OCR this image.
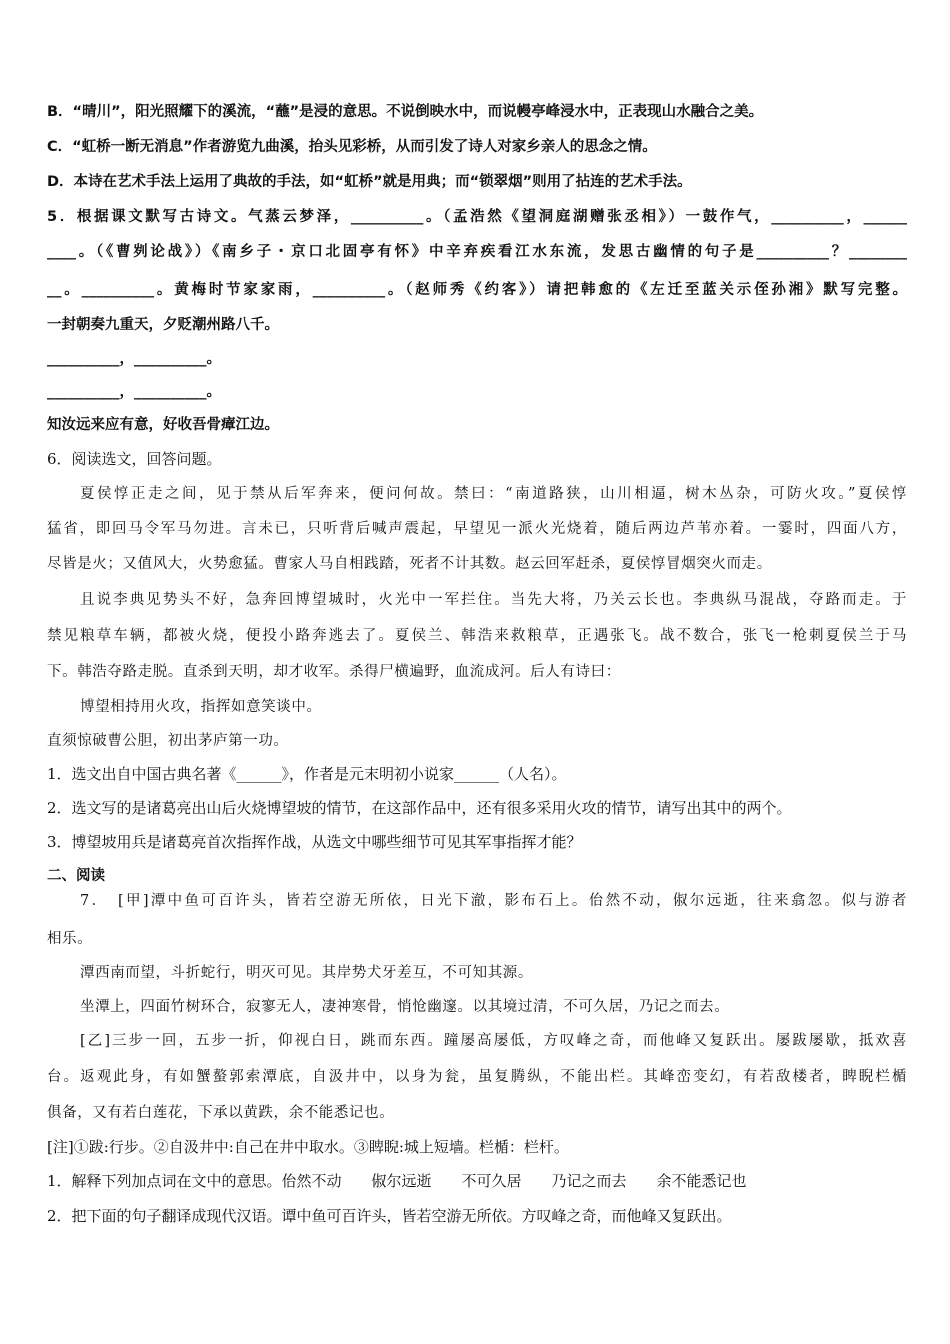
B．“晴川”，阳光照耀下的溪流，“蘸”是浸的意思。不说倒映水中，而说幔亭峰浸水中，正表现山水融合之美。
C．“虹桥一断无消息”作者游览九曲溪，抬头见彩桥，从而引发了诗人对家乡亲人的思念之情。
D．本诗在艺术手法上运用了典故的手法，如“虹桥”就是用典；而“锁翠烟”则用了拈连的艺术手法。
5．根据课文默写古诗文。气蒸云梦泽，__________。（孟浩然《望洞庭湖赠张丞相》）一鼓作气，__________，______
____。（《曹刿论战》）《南乡子・京口北固亭有怀》中辛弃疾看江水东流，发思古幽情的句子是__________？________
__。__________。黄梅时节家家雨，__________。（赵师秀《约客》）请把韩愈的《左迁至蓝关示侄孙湘》默写完整。
一封朝奏九重天，夕贬潮州路八千。
__________，__________。
__________，__________。
知汝远来应有意，好收吾骨瘴江边。
6．阅读选文，回答问题。
夏侯惇正走之间，见于禁从后军奔来，便问何故。禁曰：“南道路狭，山川相逼，树木丛杂，可防火攻。”夏侯惇
猛省，即回马令军马勿进。言未已，只听背后喊声震起，早望见一派火光烧着，随后两边芦苇亦着。一霎时，四面八方，
尽皆是火；又值风大，火势愈猛。曹家人马自相践踏，死者不计其数。赵云回军赶杀，夏侯惇冒烟突火而走。
且说李典见势头不好，急奔回博望城时，火光中一军拦住。当先大将，乃关云长也。李典纵马混战，夺路而走。于
禁见粮草车辆，都被火烧，便投小路奔逃去了。夏侯兰、韩浩来救粮草，正遇张飞。战不数合，张飞一枪刺夏侯兰于马
下。韩浩夺路走脱。直杀到天明，却才收军。杀得尸横遍野，血流成河。后人有诗曰：
博望相持用火攻，指挥如意笑谈中。
直须惊破曹公胆，初出茅庐第一功。
1．选文出自中国古典名著《______》，作者是元末明初小说家______（人名）。
2．选文写的是诸葛亮出山后火烧博望坡的情节，在这部作品中，还有很多采用火攻的情节，请写出其中的两个。
3．博望坡用兵是诸葛亮首次指挥作战，从选文中哪些细节可见其军事指挥才能？
二、阅读
7．　[甲]潭中鱼可百许头，皆若空游无所依，日光下澈，影布石上。佁然不动，俶尔远逝，往来翕忽。似与游者
相乐。
潭西南而望，斗折蛇行，明灭可见。其岸势犬牙差互，不可知其源。
坐潭上，四面竹树环合，寂寥无人，凄神寒骨，悄怆幽邃。以其境过清，不可久居，乃记之而去。
[乙]三步一回，五步一折，仰视白日，跳而东西。蹱屡高屡低，方叹峰之奇，而他峰又复跃出。屡跋屡歇，抵欢喜
台。返观此身，有如蟹螯郭索潭底，自汲井中，以身为瓮，虽复腾纵，不能出栏。其峰峦变幻，有若敌楼者，睥睨栏楯
俱备，又有若白莲花，下承以黄跌，余不能悉记也。
[注]①跋:行步。②自汲井中:自己在井中取水。③睥睨:城上短墙。栏楯：栏杆。
1．解释下列加点词在文中的意思。佁然不动　　俶尔远逝　　不可久居　　乃记之而去　　余不能悉记也
2．把下面的句子翻译成现代汉语。谭中鱼可百许头，皆若空游无所依。方叹峰之奇，而他峰又复跃出。
